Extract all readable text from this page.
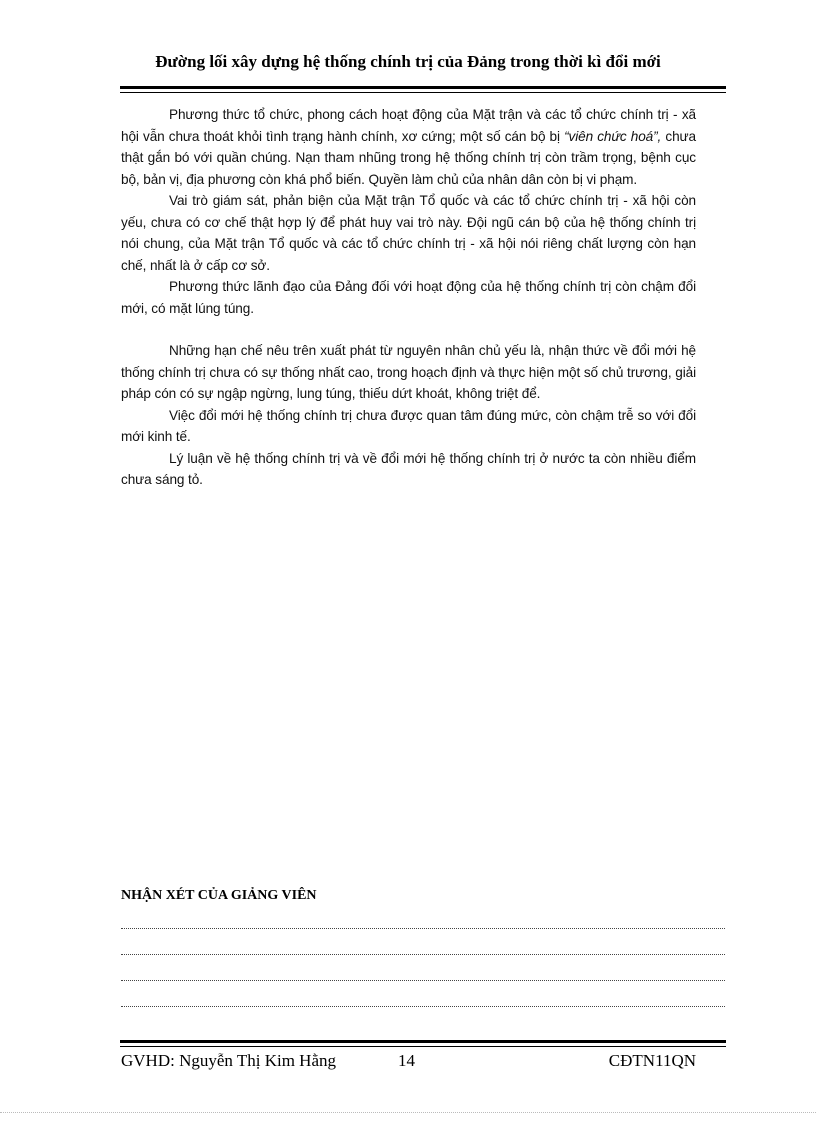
Đường lối xây dựng hệ thống chính trị của Đảng trong thời kì đổi mới

Phương thức tổ chức, phong cách hoạt động của Mặt trận và các tổ chức chính trị - xã hội vẫn chưa thoát khỏi tình trạng hành chính, xơ cứng; một số cán bộ bị “viên chức hoá”, chưa thật gắn bó với quần chúng. Nạn tham nhũng trong hệ thống chính trị còn trầm trọng, bệnh cục bộ, bản vị, địa phương còn khá phổ biến. Quyền làm chủ của nhân dân còn bị vi phạm.

Vai trò giám sát, phản biện của Mặt trận Tổ quốc và các tổ chức chính trị - xã hội còn yếu, chưa có cơ chế thật hợp lý để phát huy vai trò này. Đội ngũ cán bộ của hệ thống chính trị nói chung, của Mặt trận Tổ quốc và các tổ chức chính trị - xã hội nói riêng chất lượng còn hạn chế, nhất là ở cấp cơ sở.

Phương thức lãnh đạo của Đảng đối với hoạt động của hệ thống chính trị còn chậm đổi mới, có mặt lúng túng.

Những hạn chế nêu trên xuất phát từ nguyên nhân chủ yếu là, nhận thức về đổi mới hệ thống chính trị chưa có sự thống nhất cao, trong hoạch định và thực hiện một số chủ trương, giải pháp cón có sự ngập ngừng, lung túng, thiếu dứt khoát, không triệt để.

Việc đổi mới hệ thống chính trị chưa được quan tâm đúng mức, còn chậm trễ so với đổi mới kinh tế.

Lý luận về hệ thống chính trị và về đổi mới hệ thống chính trị ở nước ta còn nhiều điểm chưa sáng tỏ.

NHẬN XÉT CỦA GIẢNG VIÊN
GVHD: Nguyễn Thị Kim Hằng	14	CĐTN11QN
